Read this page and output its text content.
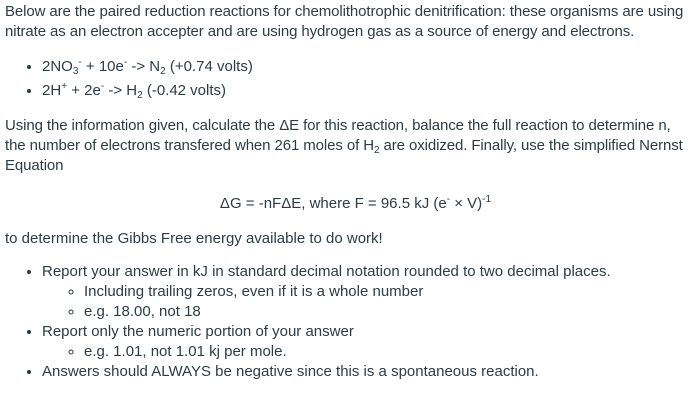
Below are the paired reduction reactions for chemolithotrophic denitrification: these organisms are using nitrate as an electron accepter and are using hydrogen gas as a source of energy and electrons.

• $2NO_3^- + 10e^- -> N_2$ (+0.74 volts)
• $2H^+ + 2e^- -> H_2$ (-0.42 volts)

Using the information given, calculate the ΔE for this reaction, balance the full reaction to determine n, the number of electrons transfered when 261 moles of $H_2$ are oxidized. Finally, use the simplified Nernst Equation

ΔG = -nFΔE, where F = 96.5 kJ $(e^- \times V)^{-1}$

to determine the Gibbs Free energy available to do work!

• Report your answer in kJ in standard decimal notation rounded to two decimal places.
◦ Including trailing zeros, even if it is a whole number
◦ e.g. 18.00, not 18
• Report only the numeric portion of your answer
◦ e.g. 1.01, not 1.01 kj per mole.
• Answers should ALWAYS be negative since this is a spontaneous reaction.
